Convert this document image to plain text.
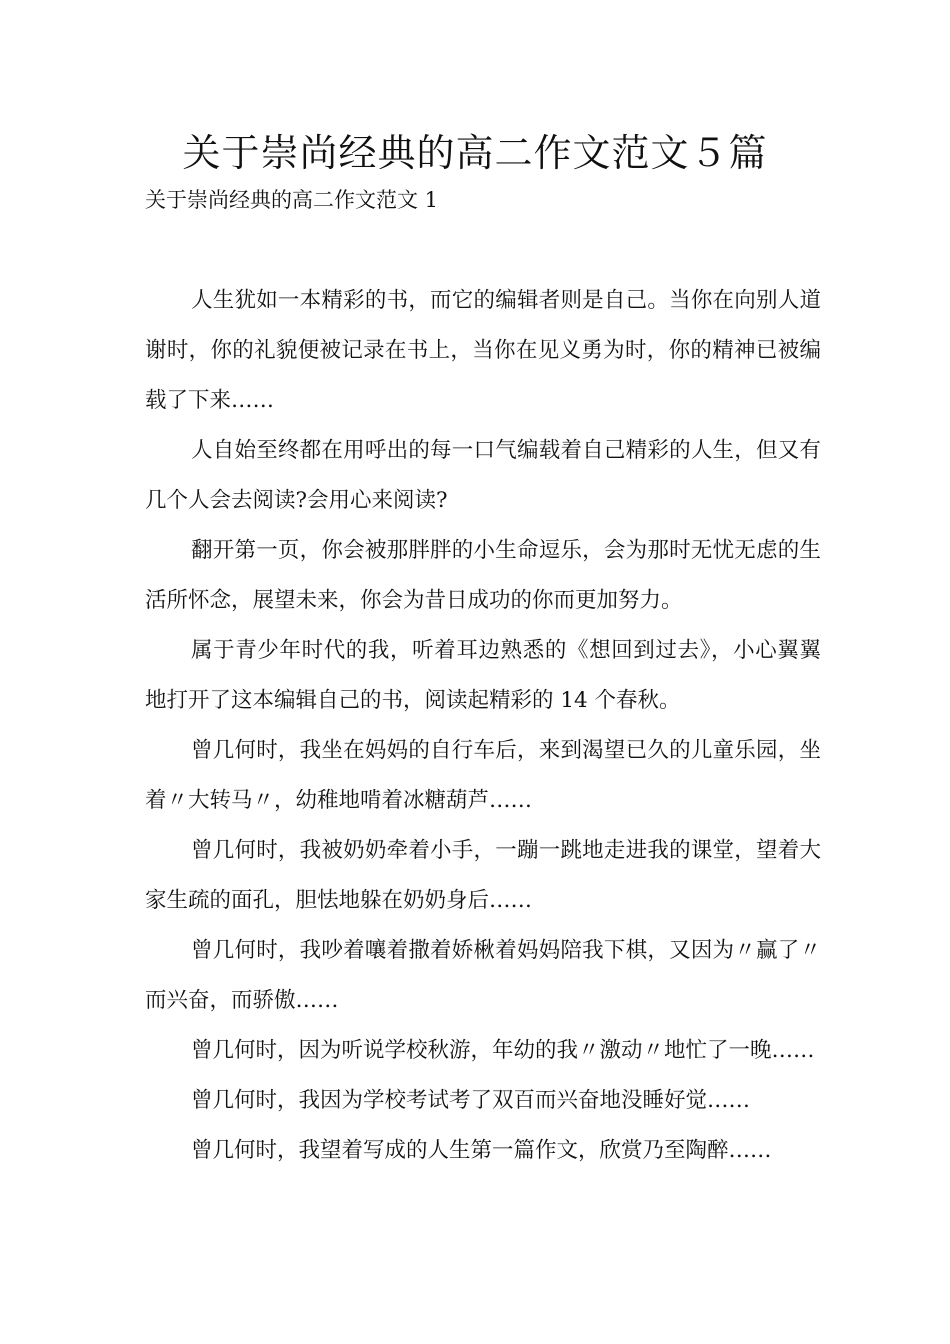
关于崇尚经典的高二作文范文５篇

关于崇尚经典的高二作文范文 1

人生犹如一本精彩的书，而它的编辑者则是自己。当你在向别人道谢时，你的礼貌便被记录在书上，当你在见义勇为时，你的精神已被编载了下来……

人自始至终都在用呼出的每一口气编载着自己精彩的人生，但又有几个人会去阅读?会用心来阅读?

翻开第一页，你会被那胖胖的小生命逗乐，会为那时无忧无虑的生活所怀念，展望未来，你会为昔日成功的你而更加努力。

属于青少年时代的我，听着耳边熟悉的《想回到过去》，小心翼翼地打开了这本编辑自己的书，阅读起精彩的 14 个春秋。

曾几何时，我坐在妈妈的自行车后，来到渴望已久的儿童乐园，坐着〃大转马〃，幼稚地啃着冰糖葫芦……

曾几何时，我被奶奶牵着小手，一蹦一跳地走进我的课堂，望着大家生疏的面孔，胆怯地躲在奶奶身后……

曾几何时，我吵着嚷着撒着娇楸着妈妈陪我下棋，又因为〃赢了〃而兴奋，而骄傲……

曾几何时，因为听说学校秋游，年幼的我〃激动〃地忙了一晚……

曾几何时，我因为学校考试考了双百而兴奋地没睡好觉……

曾几何时，我望着写成的人生第一篇作文，欣赏乃至陶醉……
